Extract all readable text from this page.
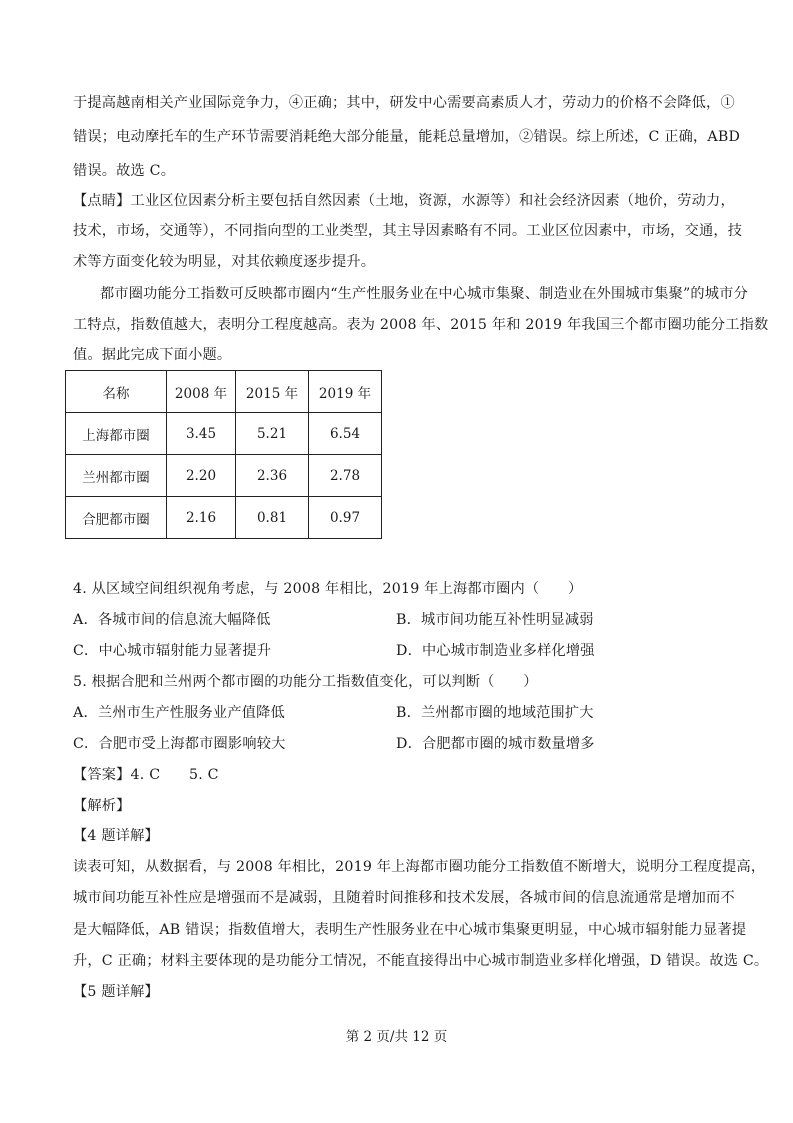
于提高越南相关产业国际竞争力，④正确；其中，研发中心需要高素质人才，劳动力的价格不会降低，①
错误；电动摩托车的生产环节需要消耗绝大部分能量，能耗总量增加，②错误。综上所述，C 正确，ABD
错误。故选 C。
【点睛】工业区位因素分析主要包括自然因素（土地，资源，水源等）和社会经济因素（地价，劳动力，
技术，市场，交通等），不同指向型的工业类型，其主导因素略有不同。工业区位因素中，市场，交通，技
术等方面变化较为明显，对其依赖度逐步提升。
都市圈功能分工指数可反映都市圈内“生产性服务业在中心城市集聚、制造业在外围城市集聚”的城市分
工特点，指数值越大，表明分工程度越高。表为 2008 年、2015 年和 2019 年我国三个都市圈功能分工指数
值。据此完成下面小题。
名称	2008 年	2015 年	2019 年
上海都市圈	3.45	5.21	6.54
兰州都市圈	2.20	2.36	2.78
合肥都市圈	2.16	0.81	0.97
4. 从区域空间组织视角考虑，与 2008 年相比，2019 年上海都市圈内（　　）
A．各城市间的信息流大幅降低	B．城市间功能互补性明显减弱
C．中心城市辐射能力显著提升	D．中心城市制造业多样化增强
5. 根据合肥和兰州两个都市圈的功能分工指数值变化，可以判断（　　）
A．兰州市生产性服务业产值降低	B．兰州都市圈的地域范围扩大
C．合肥市受上海都市圈影响较大	D．合肥都市圈的城市数量增多
【答案】4. C　　5. C
【解析】
【4 题详解】
读表可知，从数据看，与 2008 年相比，2019 年上海都市圈功能分工指数值不断增大，说明分工程度提高，
城市间功能互补性应是增强而不是减弱，且随着时间推移和技术发展，各城市间的信息流通常是增加而不
是大幅降低，AB 错误；指数值增大，表明生产性服务业在中心城市集聚更明显，中心城市辐射能力显著提
升，C 正确；材料主要体现的是功能分工情况，不能直接得出中心城市制造业多样化增强，D 错误。故选 C。
【5 题详解】
第 2 页/共 12 页
